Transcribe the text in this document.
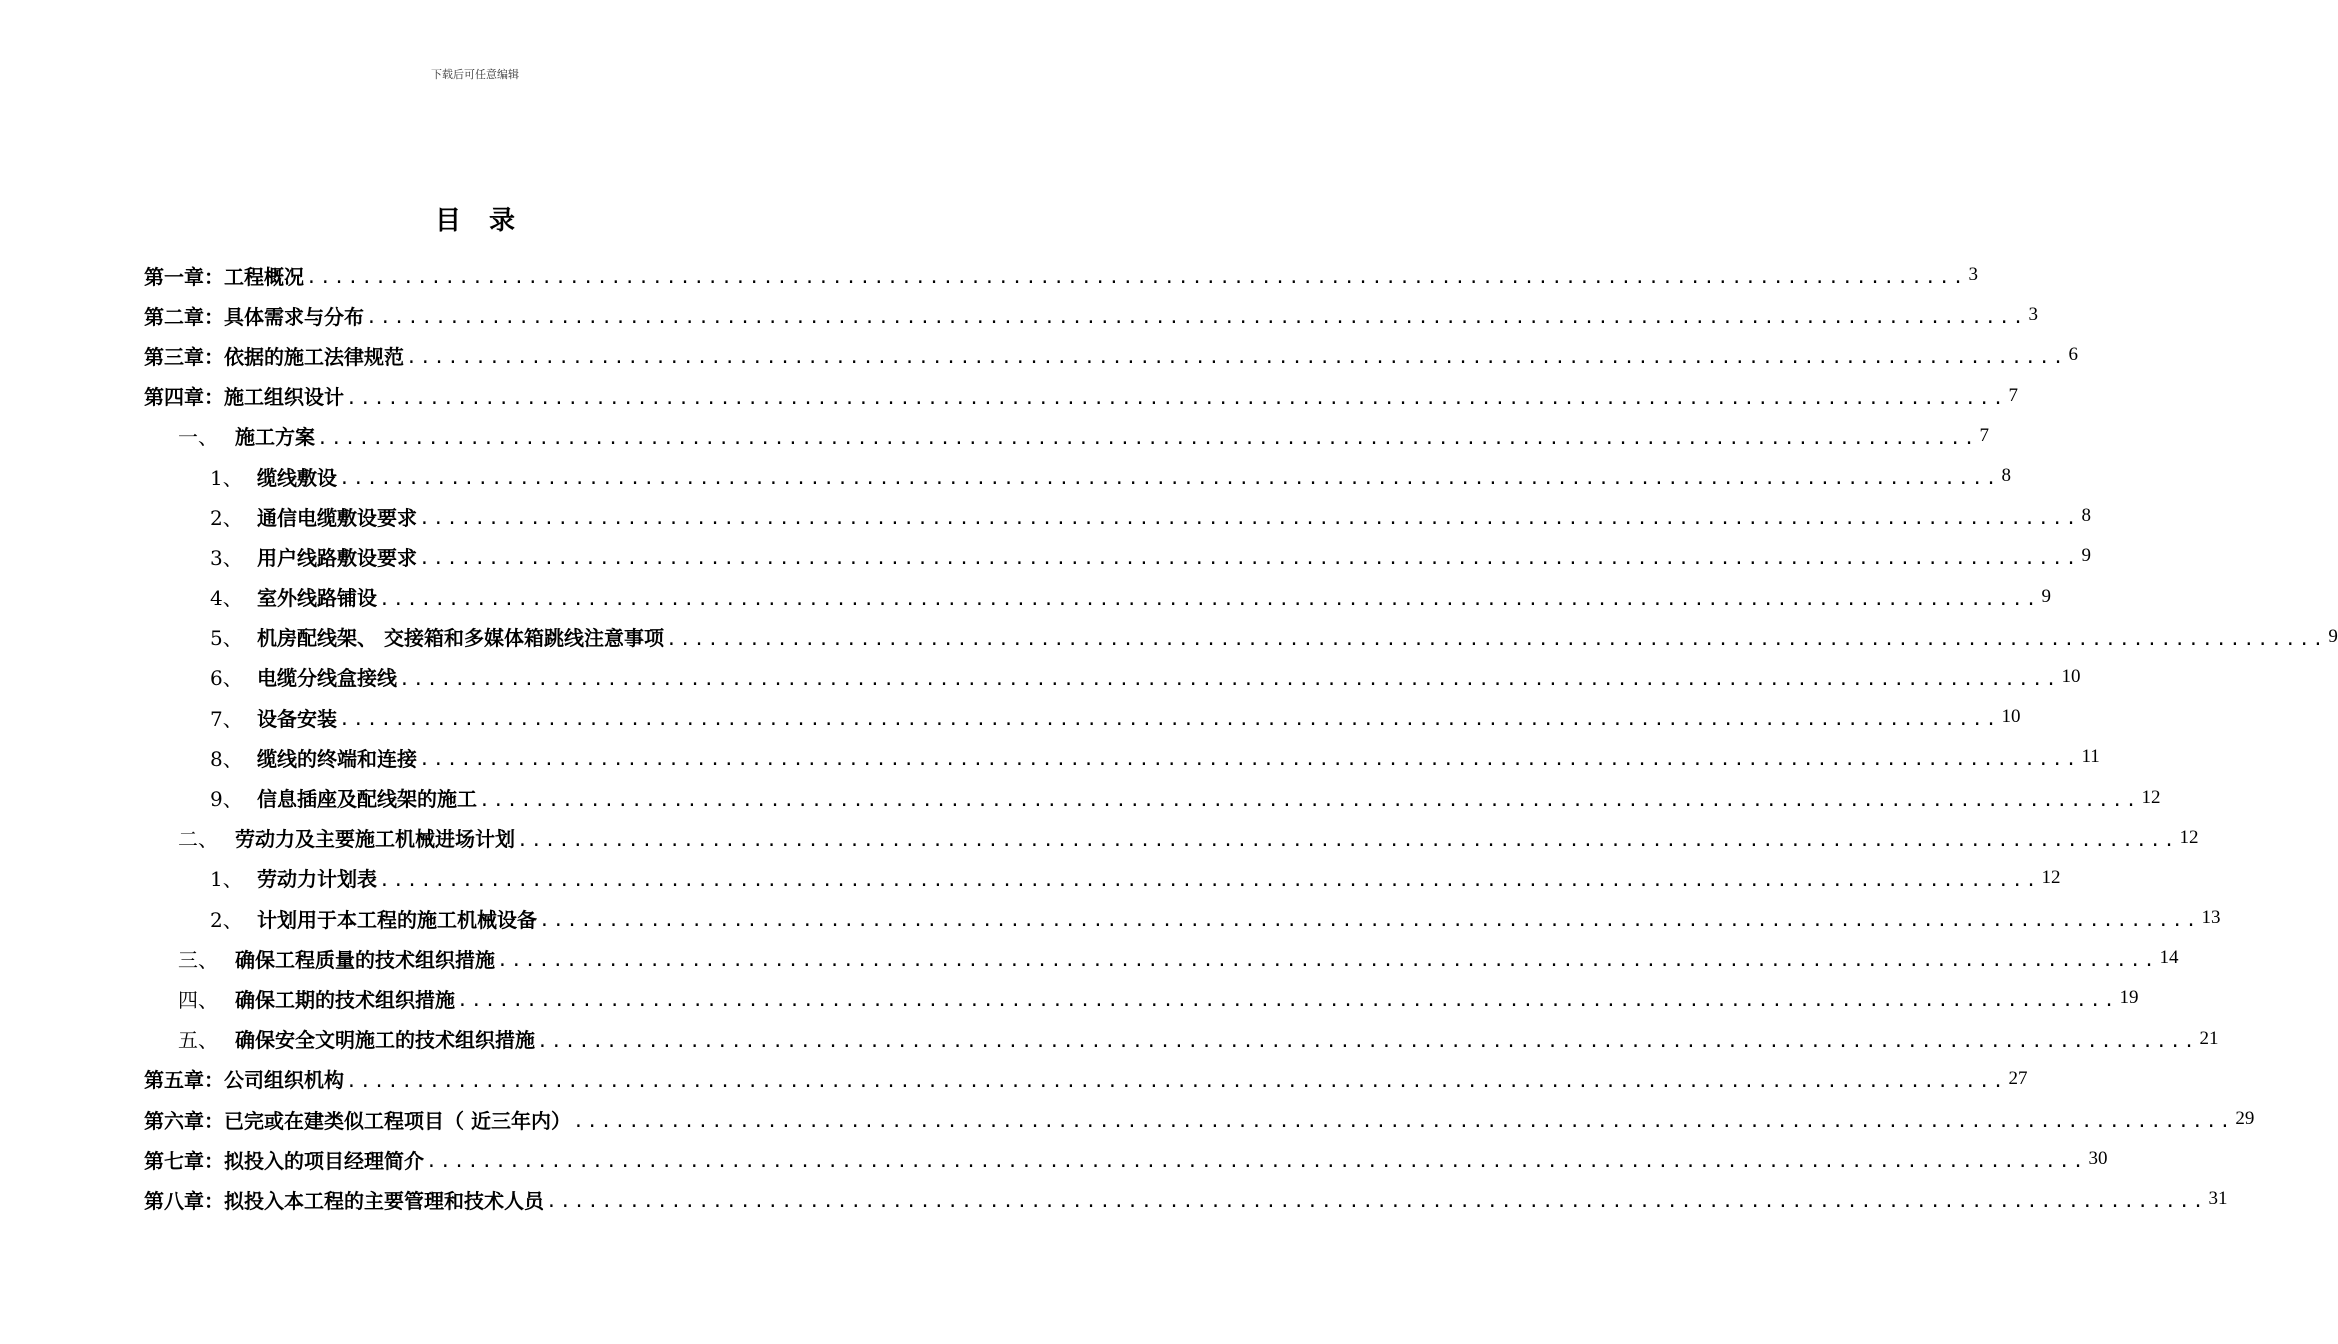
下载后可任意编辑
目录
第一章： 工程概况 ........................................................................................................................ 3
第二章： 具体需求与分布 ........................................................................................................................ 3
第三章： 依据的施工法律规范 ........................................................................................................................ 6
第四章： 施工组织设计 ........................................................................................................................ 7
一、 施工方案 ........................................................................................................................ 7
1、 缆线敷设 ........................................................................................................................ 8
2、 通信电缆敷设要求 ........................................................................................................................ 8
3、 用户线路敷设要求 ........................................................................................................................ 9
4、 室外线路铺设 ........................................................................................................................ 9
5、 机房配线架、 交接箱和多媒体箱跳线注意事项 ........................................................................................................................ 9
6、 电缆分线盒接线 ........................................................................................................................ 10
7、 设备安装 ........................................................................................................................ 10
8、 缆线的终端和连接 ........................................................................................................................ 11
9、 信息插座及配线架的施工 ........................................................................................................................ 12
二、 劳动力及主要施工机械进场计划 ........................................................................................................................ 12
1、 劳动力计划表 ........................................................................................................................ 12
2、 计划用于本工程的施工机械设备 ........................................................................................................................ 13
三、 确保工程质量的技术组织措施 ........................................................................................................................ 14
四、 确保工期的技术组织措施 ........................................................................................................................ 19
五、 确保安全文明施工的技术组织措施 ........................................................................................................................ 21
第五章： 公司组织机构 ........................................................................................................................ 27
第六章： 已完或在建类似工程项目（ 近三年内） ........................................................................................................................ 29
第七章： 拟投入的项目经理简介 ........................................................................................................................ 30
第八章： 拟投入本工程的主要管理和技术人员 ........................................................................................................................ 31
